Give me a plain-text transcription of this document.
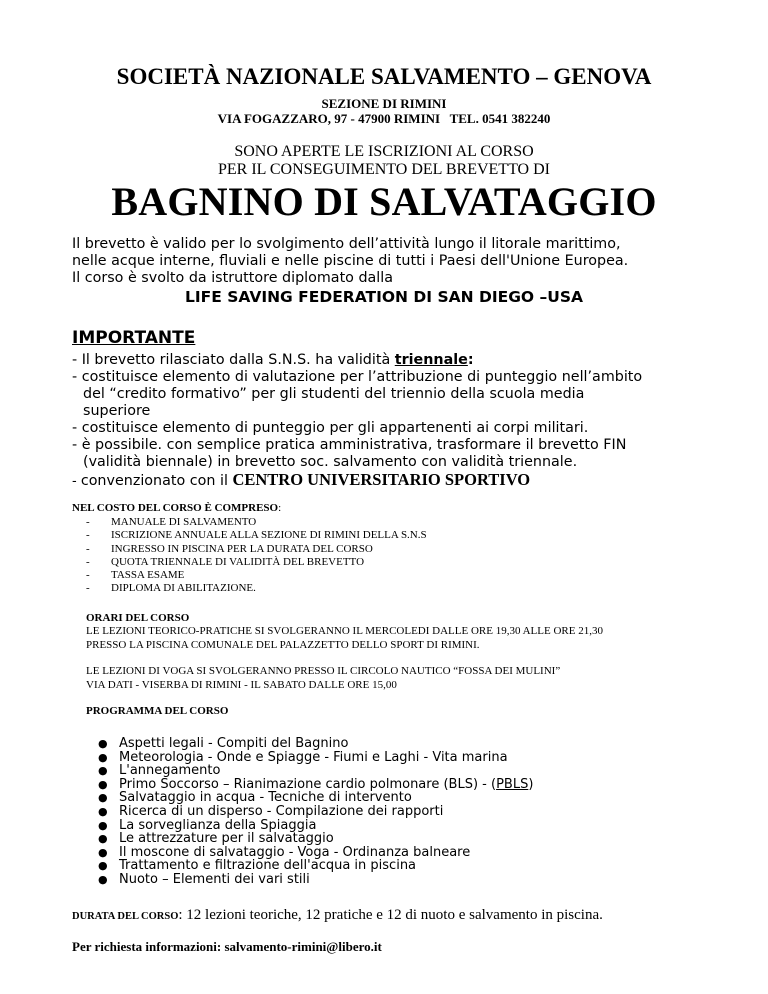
SOCIETÀ NAZIONALE SALVAMENTO – GENOVA
SEZIONE DI RIMINI
VIA FOGAZZARO, 97 - 47900 RIMINI   TEL. 0541 382240
SONO APERTE LE ISCRIZIONI AL CORSO
PER IL CONSEGUIMENTO DEL BREVETTO DI
BAGNINO DI SALVATAGGIO
Il brevetto è valido per lo svolgimento dell’attività lungo il litorale marittimo,
nelle acque interne, fluviali e nelle piscine di tutti i Paesi dell'Unione Europea.
Il corso è svolto da istruttore diplomato dalla
LIFE SAVING FEDERATION DI SAN DIEGO –USA
IMPORTANTE
- Il brevetto rilasciato dalla S.N.S. ha validità triennale:
- costituisce elemento di valutazione per l’attribuzione di punteggio nell’ambito
del “credito formativo” per gli studenti del triennio della scuola media
superiore
- costituisce elemento di punteggio per gli appartenenti ai corpi militari.
- è possibile. con semplice pratica amministrativa, trasformare il brevetto FIN
(validità biennale) in brevetto soc. salvamento con validità triennale.
- convenzionato con il CENTRO UNIVERSITARIO SPORTIVO
NEL COSTO DEL CORSO È COMPRESO:
- MANUALE DI SALVAMENTO
- ISCRIZIONE ANNUALE ALLA SEZIONE DI RIMINI DELLA S.N.S
- INGRESSO IN PISCINA PER LA DURATA DEL CORSO
- QUOTA TRIENNALE DI VALIDITÀ DEL BREVETTO
- TASSA ESAME
- DIPLOMA DI ABILITAZIONE.
ORARI DEL CORSO
LE LEZIONI TEORICO-PRATICHE SI SVOLGERANNO IL MERCOLEDI DALLE ORE 19,30 ALLE ORE 21,30
PRESSO LA PISCINA COMUNALE DEL PALAZZETTO DELLO SPORT DI RIMINI.
LE LEZIONI DI VOGA SI SVOLGERANNO PRESSO IL CIRCOLO NAUTICO “FOSSA DEI MULINI”
VIA DATI - VISERBA DI RIMINI - IL SABATO DALLE ORE 15,00
PROGRAMMA DEL CORSO
● Aspetti legali - Compiti del Bagnino
● Meteorologia - Onde e Spiagge - Fiumi e Laghi - Vita marina
● L'annegamento
● Primo Soccorso – Rianimazione cardio polmonare (BLS) - (PBLS)
● Salvataggio in acqua - Tecniche di intervento
● Ricerca di un disperso - Compilazione dei rapporti
● La sorveglianza della Spiaggia
● Le attrezzature per il salvataggio
● Il moscone di salvataggio - Voga - Ordinanza balneare
● Trattamento e filtrazione dell'acqua in piscina
● Nuoto – Elementi dei vari stili
DURATA DEL CORSO: 12 lezioni teoriche, 12 pratiche e 12 di nuoto e salvamento in piscina.
Per richiesta informazioni: salvamento-rimini@libero.it
